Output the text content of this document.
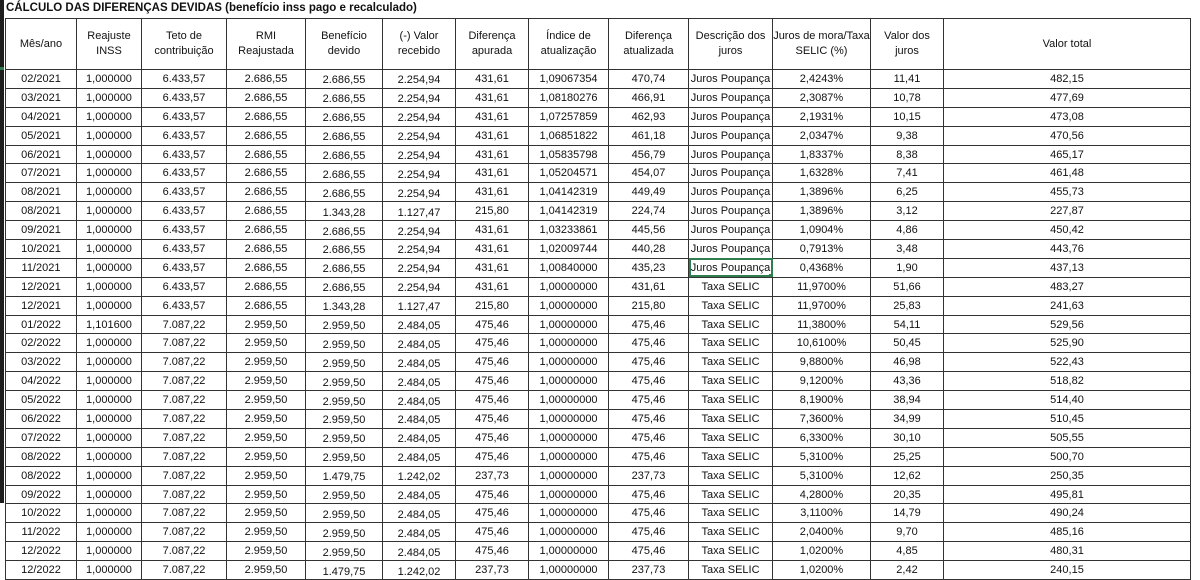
CÁLCULO DAS DIFERENÇAS DEVIDAS (benefício inss pago e recalculado)
Mês/ano	Reajuste INSS	Teto de contribuição	RMI Reajustada	Benefício devido	(-) Valor recebido	Diferença apurada	Índice de atualização	Diferença atualizada	Descrição dos juros	Juros de mora/Taxa SELIC (%)	Valor dos juros	Valor total
02/2021	1,000000	6.433,57	2.686,55	2.686,55	2.254,94	431,61	1,09067354	470,74	Juros Poupança	2,4243%	11,41	482,15
03/2021	1,000000	6.433,57	2.686,55	2.686,55	2.254,94	431,61	1,08180276	466,91	Juros Poupança	2,3087%	10,78	477,69
04/2021	1,000000	6.433,57	2.686,55	2.686,55	2.254,94	431,61	1,07257859	462,93	Juros Poupança	2,1931%	10,15	473,08
05/2021	1,000000	6.433,57	2.686,55	2.686,55	2.254,94	431,61	1,06851822	461,18	Juros Poupança	2,0347%	9,38	470,56
06/2021	1,000000	6.433,57	2.686,55	2.686,55	2.254,94	431,61	1,05835798	456,79	Juros Poupança	1,8337%	8,38	465,17
07/2021	1,000000	6.433,57	2.686,55	2.686,55	2.254,94	431,61	1,05204571	454,07	Juros Poupança	1,6328%	7,41	461,48
08/2021	1,000000	6.433,57	2.686,55	2.686,55	2.254,94	431,61	1,04142319	449,49	Juros Poupança	1,3896%	6,25	455,73
08/2021	1,000000	6.433,57	2.686,55	1.343,28	1.127,47	215,80	1,04142319	224,74	Juros Poupança	1,3896%	3,12	227,87
09/2021	1,000000	6.433,57	2.686,55	2.686,55	2.254,94	431,61	1,03233861	445,56	Juros Poupança	1,0904%	4,86	450,42
10/2021	1,000000	6.433,57	2.686,55	2.686,55	2.254,94	431,61	1,02009744	440,28	Juros Poupança	0,7913%	3,48	443,76
11/2021	1,000000	6.433,57	2.686,55	2.686,55	2.254,94	431,61	1,00840000	435,23	Juros Poupança	0,4368%	1,90	437,13
12/2021	1,000000	6.433,57	2.686,55	2.686,55	2.254,94	431,61	1,00000000	431,61	Taxa SELIC	11,9700%	51,66	483,27
12/2021	1,000000	6.433,57	2.686,55	1.343,28	1.127,47	215,80	1,00000000	215,80	Taxa SELIC	11,9700%	25,83	241,63
01/2022	1,101600	7.087,22	2.959,50	2.959,50	2.484,05	475,46	1,00000000	475,46	Taxa SELIC	11,3800%	54,11	529,56
02/2022	1,000000	7.087,22	2.959,50	2.959,50	2.484,05	475,46	1,00000000	475,46	Taxa SELIC	10,6100%	50,45	525,90
03/2022	1,000000	7.087,22	2.959,50	2.959,50	2.484,05	475,46	1,00000000	475,46	Taxa SELIC	9,8800%	46,98	522,43
04/2022	1,000000	7.087,22	2.959,50	2.959,50	2.484,05	475,46	1,00000000	475,46	Taxa SELIC	9,1200%	43,36	518,82
05/2022	1,000000	7.087,22	2.959,50	2.959,50	2.484,05	475,46	1,00000000	475,46	Taxa SELIC	8,1900%	38,94	514,40
06/2022	1,000000	7.087,22	2.959,50	2.959,50	2.484,05	475,46	1,00000000	475,46	Taxa SELIC	7,3600%	34,99	510,45
07/2022	1,000000	7.087,22	2.959,50	2.959,50	2.484,05	475,46	1,00000000	475,46	Taxa SELIC	6,3300%	30,10	505,55
08/2022	1,000000	7.087,22	2.959,50	2.959,50	2.484,05	475,46	1,00000000	475,46	Taxa SELIC	5,3100%	25,25	500,70
08/2022	1,000000	7.087,22	2.959,50	1.479,75	1.242,02	237,73	1,00000000	237,73	Taxa SELIC	5,3100%	12,62	250,35
09/2022	1,000000	7.087,22	2.959,50	2.959,50	2.484,05	475,46	1,00000000	475,46	Taxa SELIC	4,2800%	20,35	495,81
10/2022	1,000000	7.087,22	2.959,50	2.959,50	2.484,05	475,46	1,00000000	475,46	Taxa SELIC	3,1100%	14,79	490,24
11/2022	1,000000	7.087,22	2.959,50	2.959,50	2.484,05	475,46	1,00000000	475,46	Taxa SELIC	2,0400%	9,70	485,16
12/2022	1,000000	7.087,22	2.959,50	2.959,50	2.484,05	475,46	1,00000000	475,46	Taxa SELIC	1,0200%	4,85	480,31
12/2022	1,000000	7.087,22	2.959,50	1.479,75	1.242,02	237,73	1,00000000	237,73	Taxa SELIC	1,0200%	2,42	240,15
